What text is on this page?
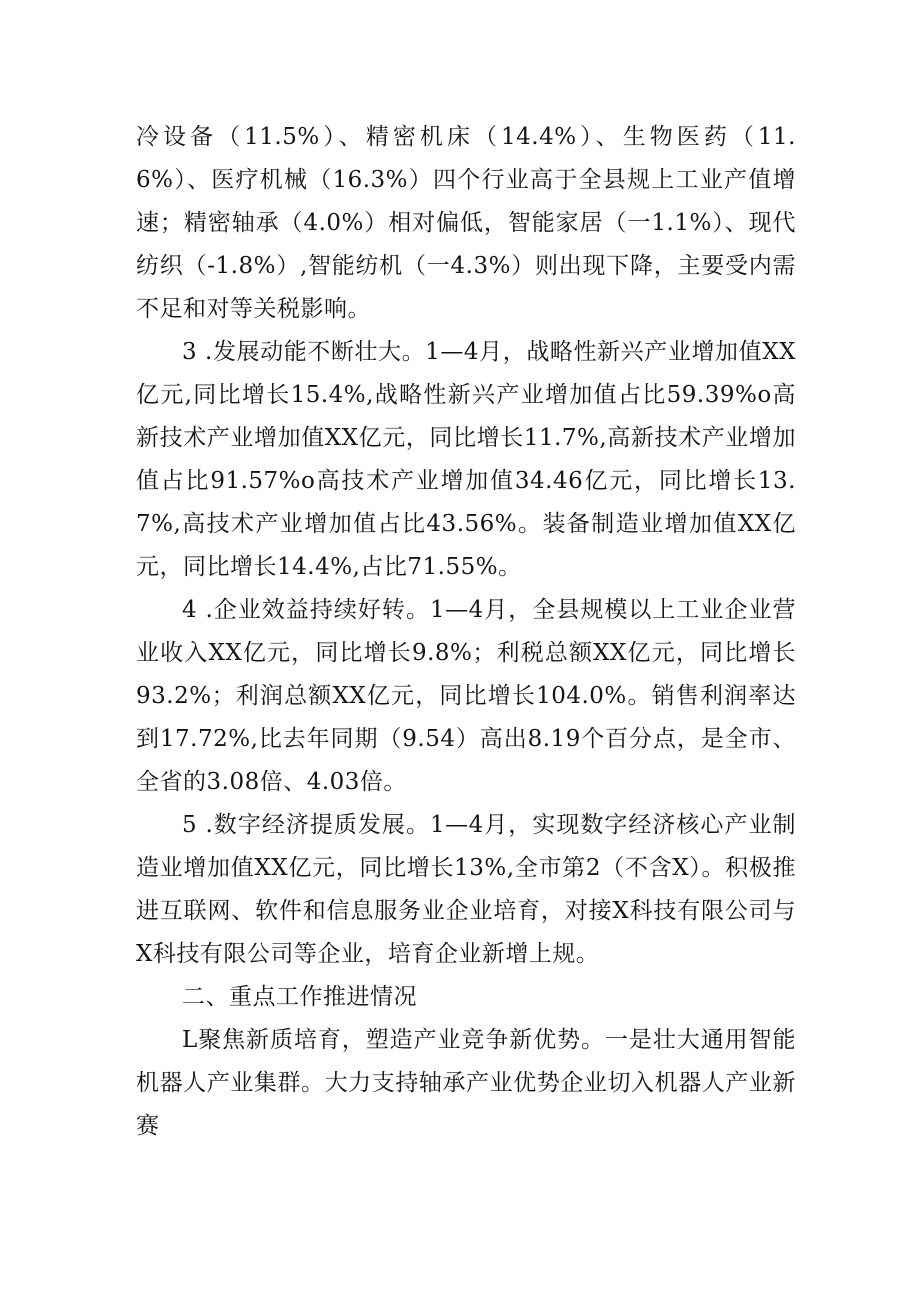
冷设备（11.5%）、精密机床（14.4%）、生物医药（11.6%）、医疗机械（16.3%）四个行业高于全县规上工业产值增速；精密轴承（4.0%）相对偏低，智能家居（一1.1%）、现代纺织（-1.8%）,智能纺机（一4.3%）则出现下降，主要受内需不足和对等关税影响。

3 .发展动能不断壮大。1—4月，战略性新兴产业增加值XX亿元,同比增长15.4%,战略性新兴产业增加值占比59.39%o高新技术产业增加值XX亿元，同比增长11.7%,高新技术产业增加值占比91.57%o高技术产业增加值34.46亿元，同比增长13.7%,高技术产业增加值占比43.56%。装备制造业增加值XX亿元，同比增长14.4%,占比71.55%。

4 .企业效益持续好转。1—4月，全县规模以上工业企业营业收入XX亿元，同比增长9.8%；利税总额XX亿元，同比增长93.2%；利润总额XX亿元，同比增长104.0%。销售利润率达到17.72%,比去年同期（9.54）高出8.19个百分点，是全市、全省的3.08倍、4.03倍。

5 .数字经济提质发展。1—4月，实现数字经济核心产业制造业增加值XX亿元，同比增长13%,全市第2（不含X）。积极推进互联网、软件和信息服务业企业培育，对接X科技有限公司与X科技有限公司等企业，培育企业新增上规。

二、重点工作推进情况

L聚焦新质培育，塑造产业竞争新优势。一是壮大通用智能机器人产业集群。大力支持轴承产业优势企业切入机器人产业新赛
